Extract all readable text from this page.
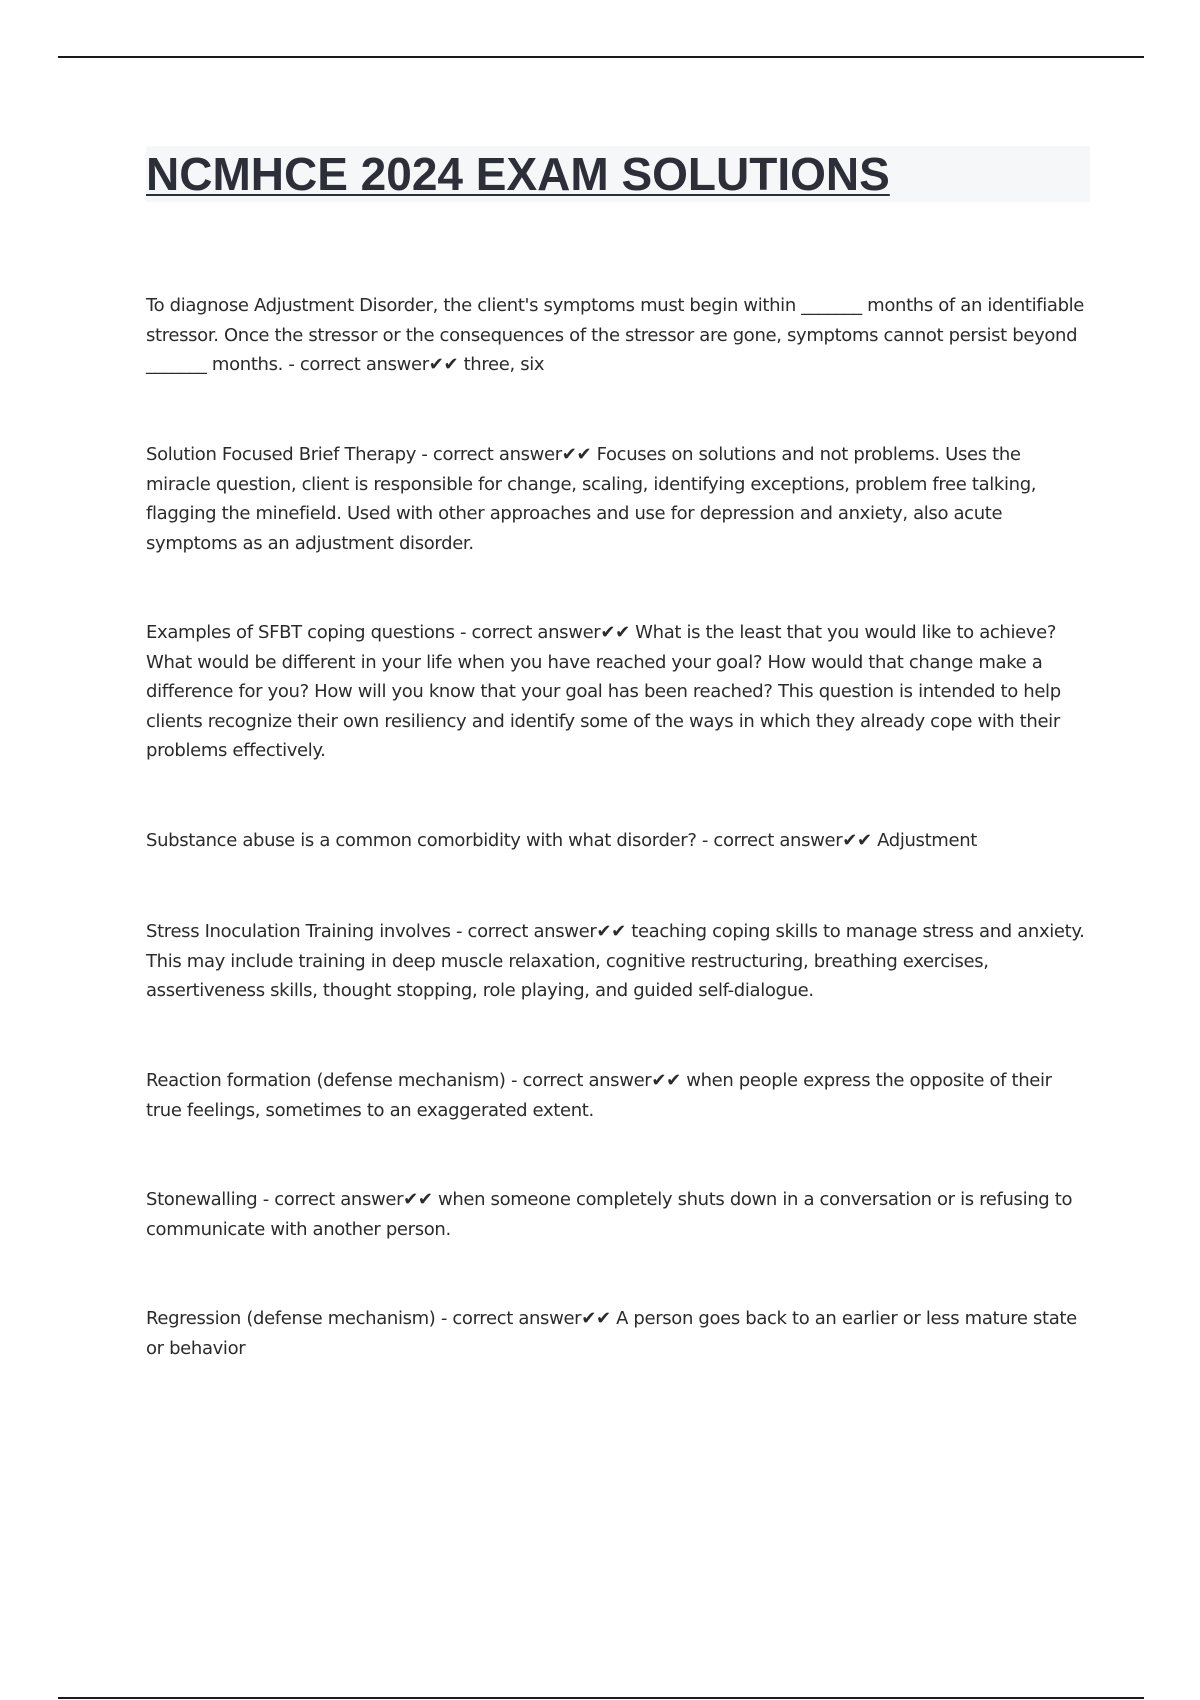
NCMHCE 2024 EXAM SOLUTIONS

To diagnose Adjustment Disorder, the client's symptoms must begin within _______ months of an identifiable stressor. Once the stressor or the consequences of the stressor are gone, symptoms cannot persist beyond _______ months. - correct answer✔✔ three, six

Solution Focused Brief Therapy - correct answer✔✔ Focuses on solutions and not problems. Uses the miracle question, client is responsible for change, scaling, identifying exceptions, problem free talking, flagging the minefield. Used with other approaches and use for depression and anxiety, also acute symptoms as an adjustment disorder.

Examples of SFBT coping questions - correct answer✔✔ What is the least that you would like to achieve? What would be different in your life when you have reached your goal? How would that change make a difference for you? How will you know that your goal has been reached? This question is intended to help clients recognize their own resiliency and identify some of the ways in which they already cope with their problems effectively.

Substance abuse is a common comorbidity with what disorder? - correct answer✔✔ Adjustment

Stress Inoculation Training involves - correct answer✔✔ teaching coping skills to manage stress and anxiety. This may include training in deep muscle relaxation, cognitive restructuring, breathing exercises, assertiveness skills, thought stopping, role playing, and guided self-dialogue.

Reaction formation (defense mechanism) - correct answer✔✔ when people express the opposite of their true feelings, sometimes to an exaggerated extent.

Stonewalling - correct answer✔✔ when someone completely shuts down in a conversation or is refusing to communicate with another person.

Regression (defense mechanism) - correct answer✔✔ A person goes back to an earlier or less mature state or behavior
